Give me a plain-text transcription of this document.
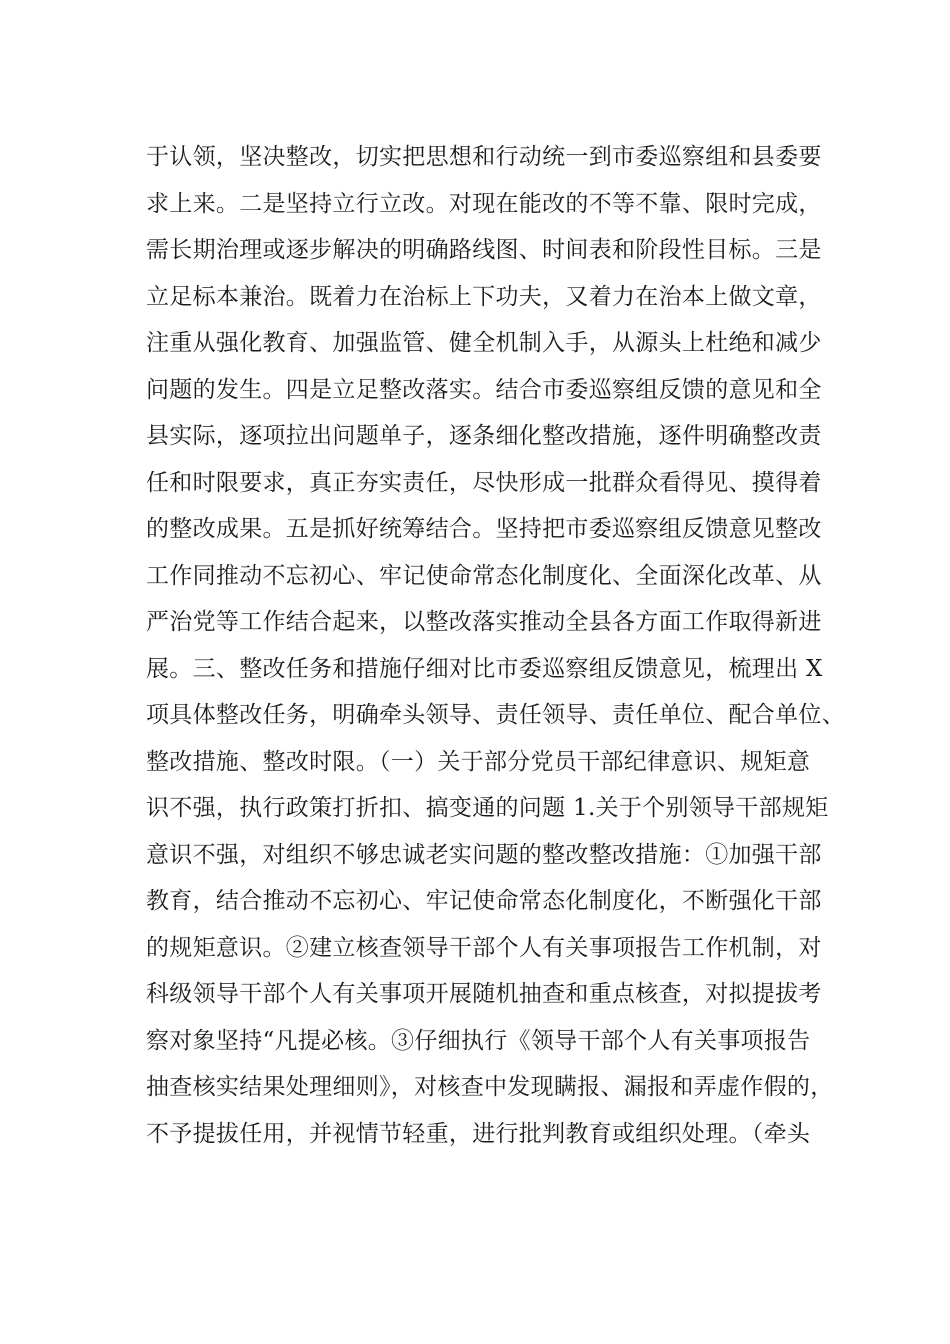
于认领，坚决整改，切实把思想和行动统一到市委巡察组和县委要
求上来。二是坚持立行立改。对现在能改的不等不靠、限时完成，
需长期治理或逐步解决的明确路线图、时间表和阶段性目标。三是
立足标本兼治。既着力在治标上下功夫，又着力在治本上做文章，
注重从强化教育、加强监管、健全机制入手，从源头上杜绝和减少
问题的发生。四是立足整改落实。结合市委巡察组反馈的意见和全
县实际，逐项拉出问题单子，逐条细化整改措施，逐件明确整改责
任和时限要求，真正夯实责任，尽快形成一批群众看得见、摸得着
的整改成果。五是抓好统筹结合。坚持把市委巡察组反馈意见整改
工作同推动不忘初心、牢记使命常态化制度化、全面深化改革、从
严治党等工作结合起来，以整改落实推动全县各方面工作取得新进
展。三、整改任务和措施仔细对比市委巡察组反馈意见，梳理出 X
项具体整改任务，明确牵头领导、责任领导、责任单位、配合单位、
整改措施、整改时限。（一）关于部分党员干部纪律意识、规矩意
识不强，执行政策打折扣、搞变通的问题 1.关于个别领导干部规矩
意识不强，对组织不够忠诚老实问题的整改整改措施：①加强干部
教育，结合推动不忘初心、牢记使命常态化制度化，不断强化干部
的规矩意识。②建立核查领导干部个人有关事项报告工作机制，对
科级领导干部个人有关事项开展随机抽查和重点核查，对拟提拔考
察对象坚持“凡提必核。③仔细执行《领导干部个人有关事项报告
抽查核实结果处理细则》，对核查中发现瞒报、漏报和弄虚作假的，
不予提拔任用，并视情节轻重，进行批判教育或组织处理。（牵头
